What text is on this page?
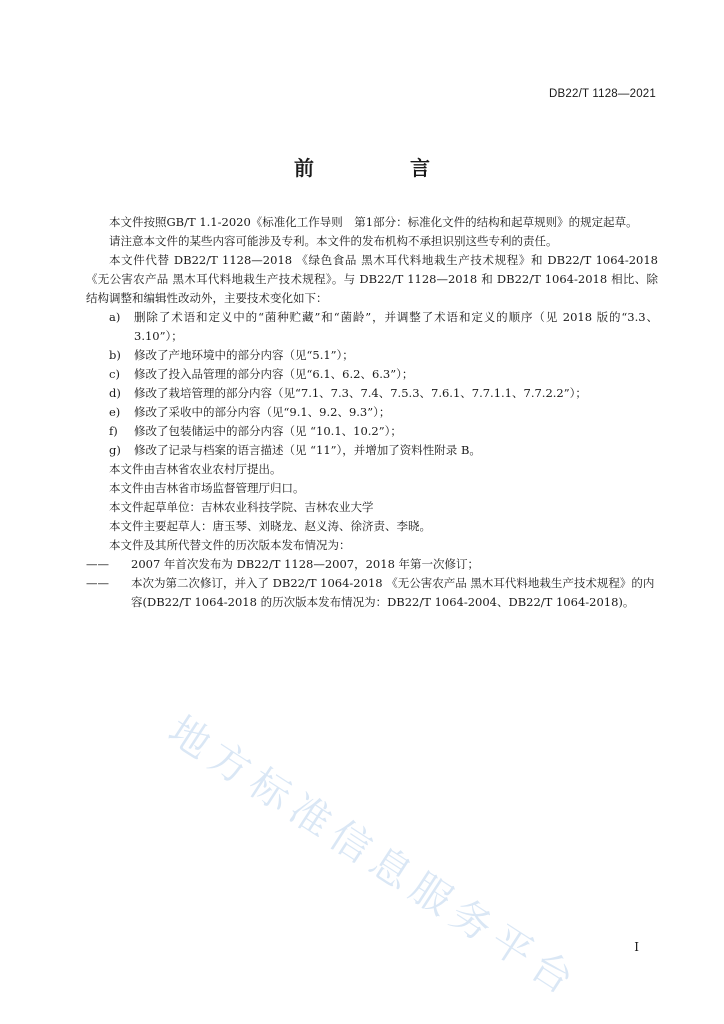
DB22/T 1128—2021
前　言

本文件按照GB/T 1.1-2020《标准化工作导则　第1部分：标准化文件的结构和起草规则》的规定起草。

请注意本文件的某些内容可能涉及专利。本文件的发布机构不承担识别这些专利的责任。

本文件代替 DB22/T 1128—2018 《绿色食品 黑木耳代料地栽生产技术规程》和 DB22/T 1064-2018 《无公害农产品 黑木耳代料地栽生产技术规程》。与 DB22/T 1128—2018 和 DB22/T 1064-2018 相比、除结构调整和编辑性改动外，主要技术变化如下：

a)	删除了术语和定义中的“菌种贮藏”和“菌龄”，并调整了术语和定义的顺序（见 2018 版的“3.3、3.10”）；
b)	修改了产地环境中的部分内容（见“5.1”）；
c)	修改了投入品管理的部分内容（见“6.1、6.2、6.3”）；
d)	修改了栽培管理的部分内容（见“7.1、7.3、7.4、7.5.3、7.6.1、7.7.1.1、7.7.2.2”）；
e)	修改了采收中的部分内容（见“9.1、9.2、9.3”）；
f)	修改了包装储运中的部分内容（见 “10.1、10.2”）；
g)	修改了记录与档案的语言描述（见 “11”），并增加了资料性附录 B。

本文件由吉林省农业农村厅提出。

本文件由吉林省市场监督管理厅归口。

本文件起草单位：吉林农业科技学院、吉林农业大学

本文件主要起草人：唐玉琴、刘晓龙、赵义涛、徐济责、李晓。

本文件及其所代替文件的历次版本发布情况为：

——	2007 年首次发布为 DB22/T 1128—2007，2018 年第一次修订；
——	本次为第二次修订，并入了 DB22/T 1064-2018 《无公害农产品 黑木耳代料地栽生产技术规程》的内容(DB22/T 1064-2018 的历次版本发布情况为：DB22/T 1064-2004、DB22/T 1064-2018)。
地方标准信息服务平台	I
